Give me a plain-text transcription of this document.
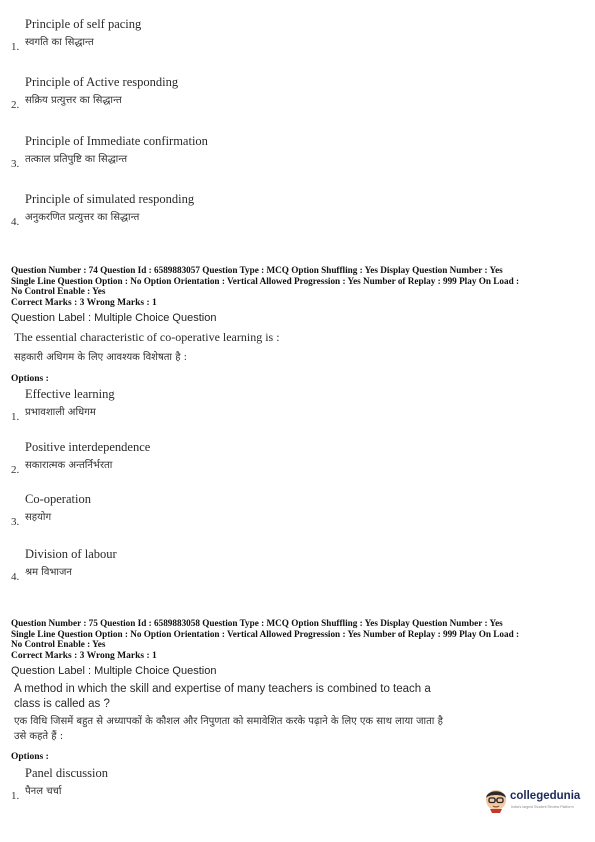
Principle of self pacing
स्वगति का सिद्धान्त
1.
Principle of Active responding
सक्रिय प्रत्युत्तर का सिद्धान्त
2.
Principle of Immediate confirmation
तत्काल प्रतिपुष्टि का सिद्धान्त
3.
Principle of simulated responding
अनुकरणित प्रत्युत्तर का सिद्धान्त
4.
Question Number : 74 Question Id : 6589883057 Question Type : MCQ Option Shuffling : Yes Display Question Number : Yes
Single Line Question Option : No Option Orientation : Vertical Allowed Progression : Yes Number of Replay : 999 Play On Load :
No Control Enable : Yes
Correct Marks : 3 Wrong Marks : 1
Question Label : Multiple Choice Question
The essential characteristic of co-operative learning is :
सहकारी अधिगम के लिए आवश्यक विशेषता है :
Options :
Effective learning
प्रभावशाली अधिगम
1.
Positive interdependence
सकारात्मक अन्तर्निर्भरता
2.
Co-operation
सहयोग
3.
Division of labour
श्रम विभाजन
4.
Question Number : 75 Question Id : 6589883058 Question Type : MCQ Option Shuffling : Yes Display Question Number : Yes
Single Line Question Option : No Option Orientation : Vertical Allowed Progression : Yes Number of Replay : 999 Play On Load :
No Control Enable : Yes
Correct Marks : 3 Wrong Marks : 1
Question Label : Multiple Choice Question
A method in which the skill and expertise of many teachers is combined to teach a class is called as ?
एक विधि जिसमें बहुत से अध्यापकों के कौशल और निपुणता को समावेशित करके पढ़ाने के लिए एक साथ लाया जाता है उसे कहते हैं :
Options :
Panel discussion
पैनल चर्चा
1.	collegedunia
India's largest Student Review Platform
